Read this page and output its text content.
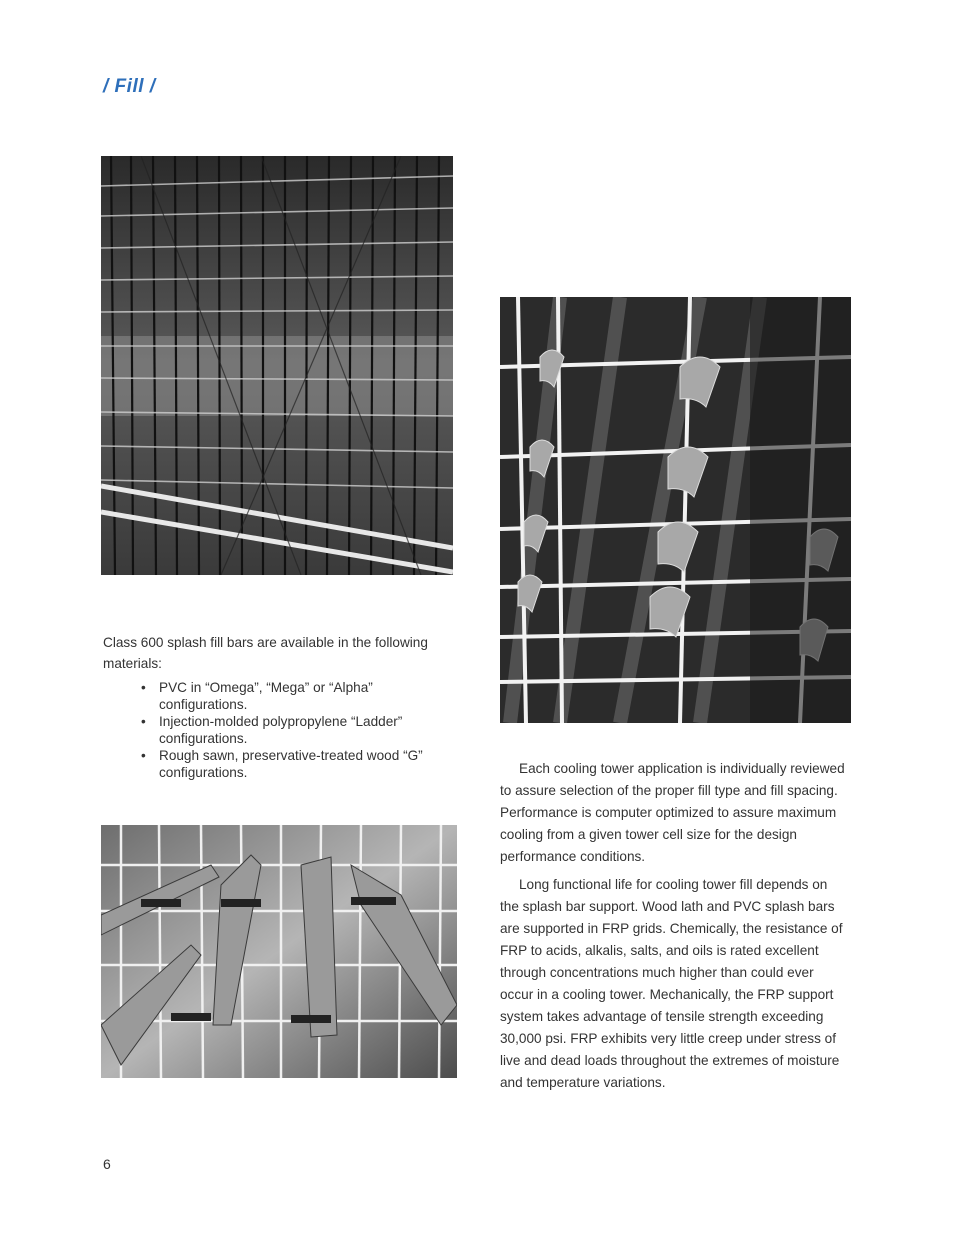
/ Fill /
Class 600 splash fill bars are available in the following materials:
• PVC in “Omega”, “Mega” or “Alpha” configurations.
• Injection-molded polypropylene “Ladder” configurations.
• Rough sawn, preservative-treated wood “G” configurations.	Each cooling tower application is individually reviewed to assure selection of the proper fill type and fill spacing. Performance is computer optimized to assure maximum cooling from a given tower cell size for the design performance conditions.

Long functional life for cooling tower fill depends on the splash bar support. Wood lath and PVC splash bars are supported in FRP grids. Chemically, the resistance of FRP to acids, alkalis, salts, and oils is rated excellent through concentrations much higher than could ever occur in a cooling tower. Mechanically, the FRP support system takes advantage of tensile strength exceeding 30,000 psi. FRP exhibits very little creep under stress of live and dead loads throughout the extremes of moisture and temperature variations.

6
